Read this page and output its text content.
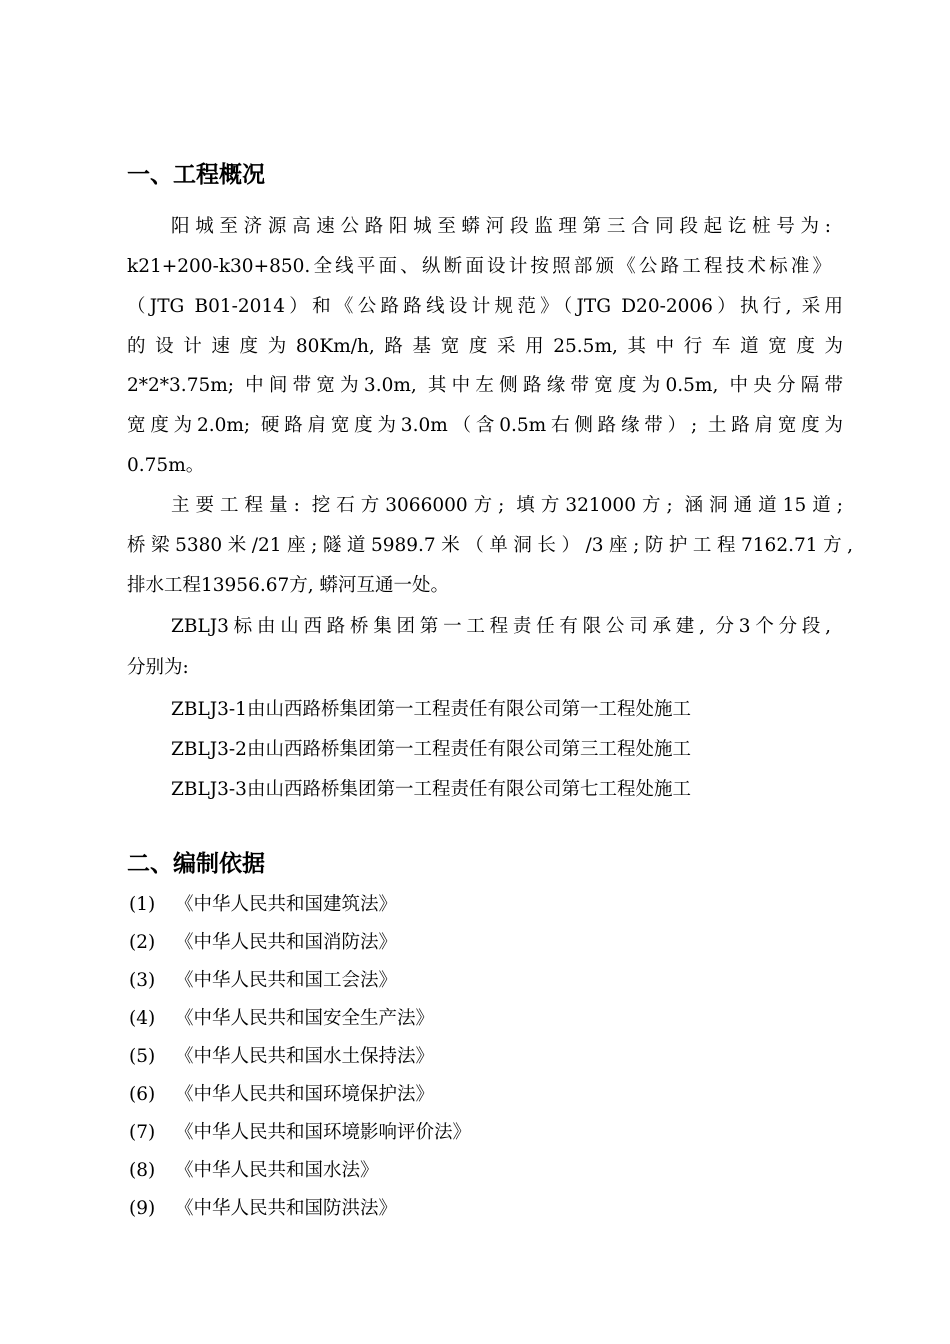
一、工程概况
阳城至济源高速公路阳城至蟒河段监理第三合同段起讫桩号为:
k21+200-k30+850.全线平面、纵断面设计按照部颁《公路工程技术标准》
（JTG B01-2014）和《公路路线设计规范》（JTG D20-2006）执行, 采用
的设计速度为80Km/h,路基宽度采用25.5m,其中行车道宽度为
2*2*3.75m; 中间带宽为3.0m, 其中左侧路缘带宽度为0.5m, 中央分隔带
宽度为2.0m; 硬路肩宽度为3.0m（含0.5m右侧路缘带）; 土路肩宽度为
0.75m。
主要工程量: 挖石方3066000方; 填方321000方; 涵洞通道15道;
桥梁5380米/21座;隧道5989.7米（单洞长）/3座;防护工程7162.71方,
排水工程13956.67方, 蟒河互通一处。
ZBLJ3标由山西路桥集团第一工程责任有限公司承建, 分3个分段,
分别为:
ZBLJ3-1由山西路桥集团第一工程责任有限公司第一工程处施工
ZBLJ3-2由山西路桥集团第一工程责任有限公司第三工程处施工
ZBLJ3-3由山西路桥集团第一工程责任有限公司第七工程处施工
二、编制依据
(1) 《中华人民共和国建筑法》
(2) 《中华人民共和国消防法》
(3) 《中华人民共和国工会法》
(4) 《中华人民共和国安全生产法》
(5) 《中华人民共和国水土保持法》
(6) 《中华人民共和国环境保护法》
(7) 《中华人民共和国环境影响评价法》
(8) 《中华人民共和国水法》
(9) 《中华人民共和国防洪法》
